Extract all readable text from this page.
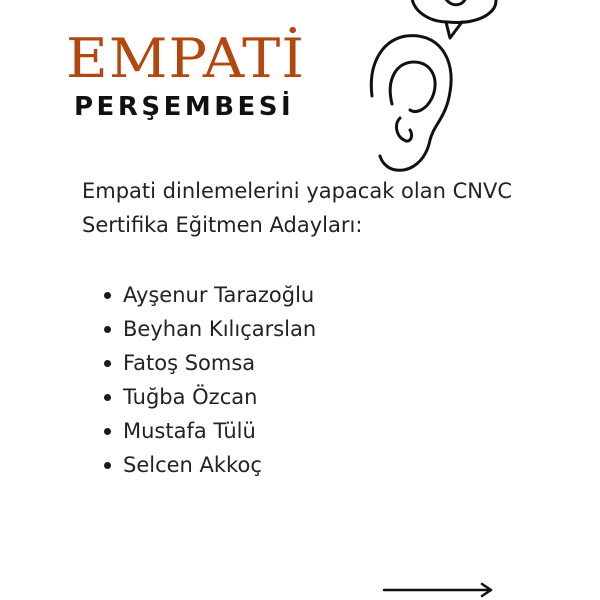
EMPATİ
PERŞEMBESİ

Empati dinlemelerini yapacak olan CNVC Sertifika Eğitmen Adayları:

Ayşenur Tarazoğlu
Beyhan Kılıçarslan
Fatoş Somsa
Tuğba Özcan
Mustafa Tülü
Selcen Akkoç
